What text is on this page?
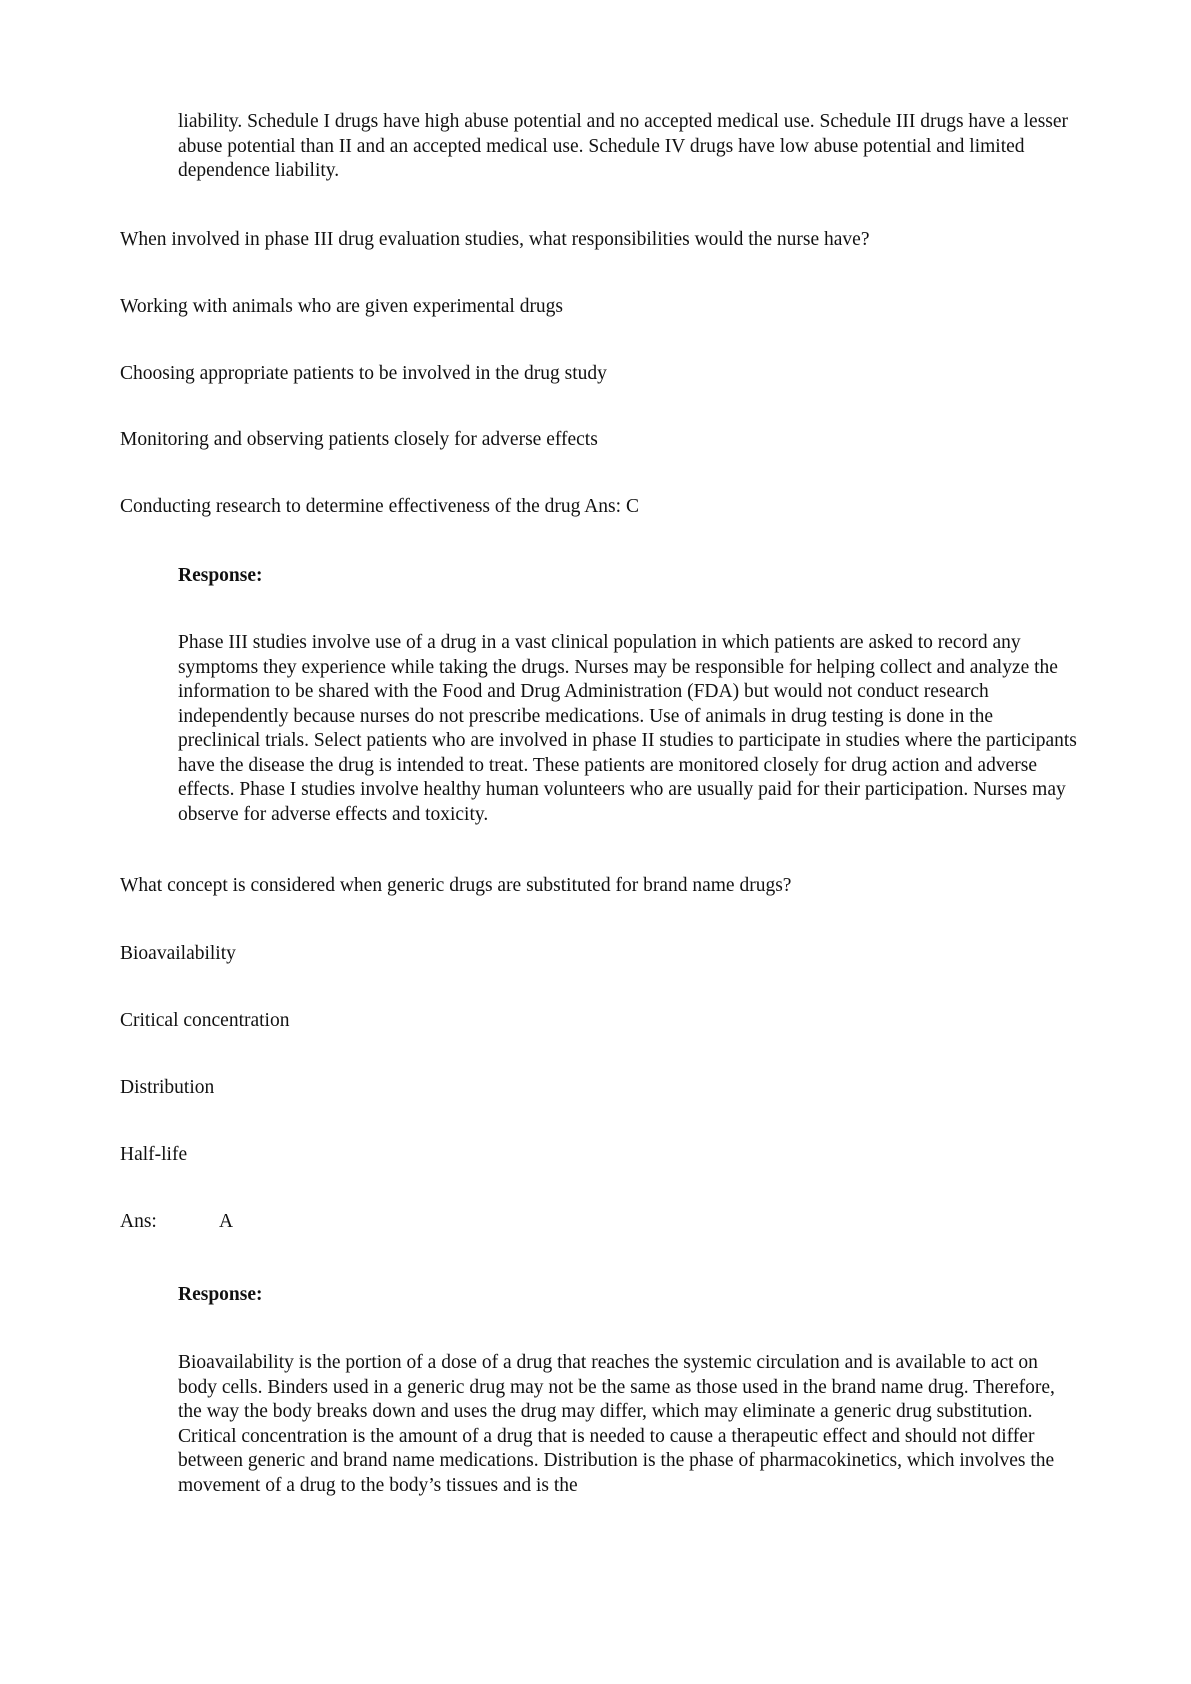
liability. Schedule I drugs have high abuse potential and no accepted medical use. Schedule III drugs have a lesser abuse potential than II and an accepted medical use. Schedule IV drugs have low abuse potential and limited dependence liability.

When involved in phase III drug evaluation studies, what responsibilities would the nurse have?

Working with animals who are given experimental drugs

Choosing appropriate patients to be involved in the drug study

Monitoring and observing patients closely for adverse effects

Conducting research to determine effectiveness of the drug Ans: C

Response:

Phase III studies involve use of a drug in a vast clinical population in which patients are asked to record any symptoms they experience while taking the drugs. Nurses may be responsible for helping collect and analyze the information to be shared with the Food and Drug Administration (FDA) but would not conduct research independently because nurses do not prescribe medications. Use of animals in drug testing is done in the preclinical trials. Select patients who are involved in phase II studies to participate in studies where the participants have the disease the drug is intended to treat. These patients are monitored closely for drug action and adverse effects. Phase I studies involve healthy human volunteers who are usually paid for their participation. Nurses may observe for adverse effects and toxicity.

What concept is considered when generic drugs are substituted for brand name drugs?

Bioavailability

Critical concentration

Distribution

Half-life

Ans:	A

Response:

Bioavailability is the portion of a dose of a drug that reaches the systemic circulation and is available to act on body cells. Binders used in a generic drug may not be the same as those used in the brand name drug. Therefore, the way the body breaks down and uses the drug may differ, which may eliminate a generic drug substitution. Critical concentration is the amount of a drug that is needed to cause a therapeutic effect and should not differ between generic and brand name medications. Distribution is the phase of pharmacokinetics, which involves the movement of a drug to the body’s tissues and is the
